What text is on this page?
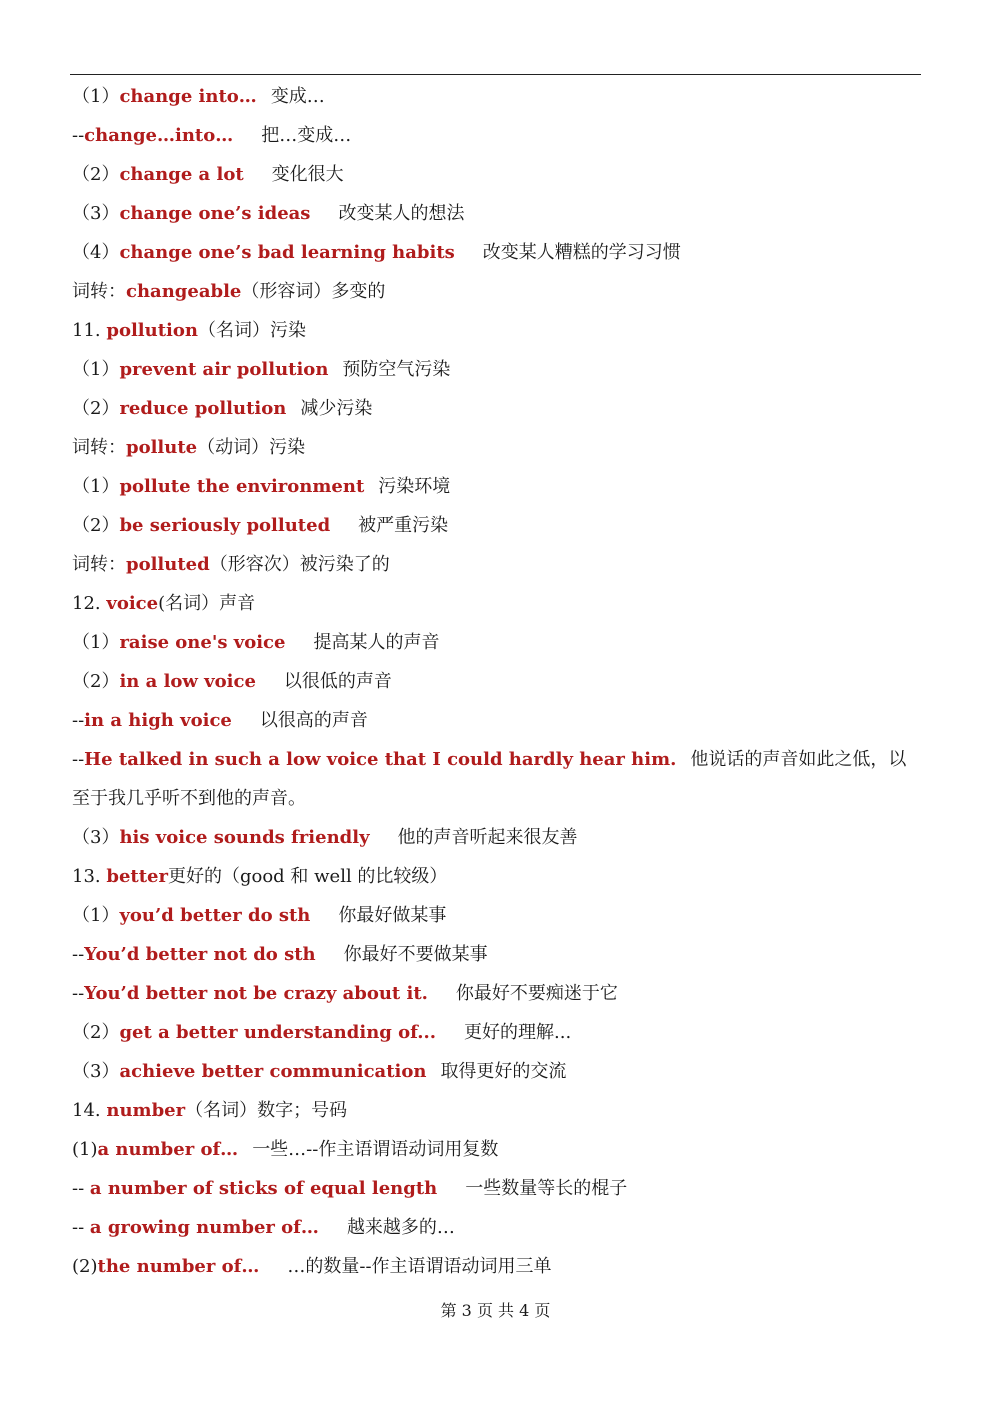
（1）change into… 变成…
--change…into… 把…变成…
（2）change a lot 变化很大
（3）change one’s ideas 改变某人的想法
（4）change one’s bad learning habits 改变某人糟糕的学习习惯
词转：changeable（形容词）多变的
11. pollution（名词）污染
（1）prevent air pollution 预防空气污染
（2）reduce pollution 减少污染
词转：pollute（动词）污染
（1）pollute the environment 污染环境
（2）be seriously polluted 被严重污染
词转：polluted（形容次）被污染了的
12. voice(名词）声音
（1）raise one's voice 提高某人的声音
（2）in a low voice 以很低的声音
--in a high voice 以很高的声音
--He talked in such a low voice that I could hardly hear him. 他说话的声音如此之低，以
至于我几乎听不到他的声音。
（3）his voice sounds friendly 他的声音听起来很友善
13. better更好的（good 和 well 的比较级）
（1）you’d better do sth 你最好做某事
--You’d better not do sth 你最好不要做某事
--You’d better not be crazy about it. 你最好不要痴迷于它
（2）get a better understanding of... 更好的理解...
（3）achieve better communication 取得更好的交流
14. number（名词）数字；号码
(1)a number of… 一些…--作主语谓语动词用复数
-- a number of sticks of equal length 一些数量等长的棍子
-- a growing number of… 越来越多的…
(2)the number of… …的数量--作主语谓语动词用三单
第 3 页 共 4 页
